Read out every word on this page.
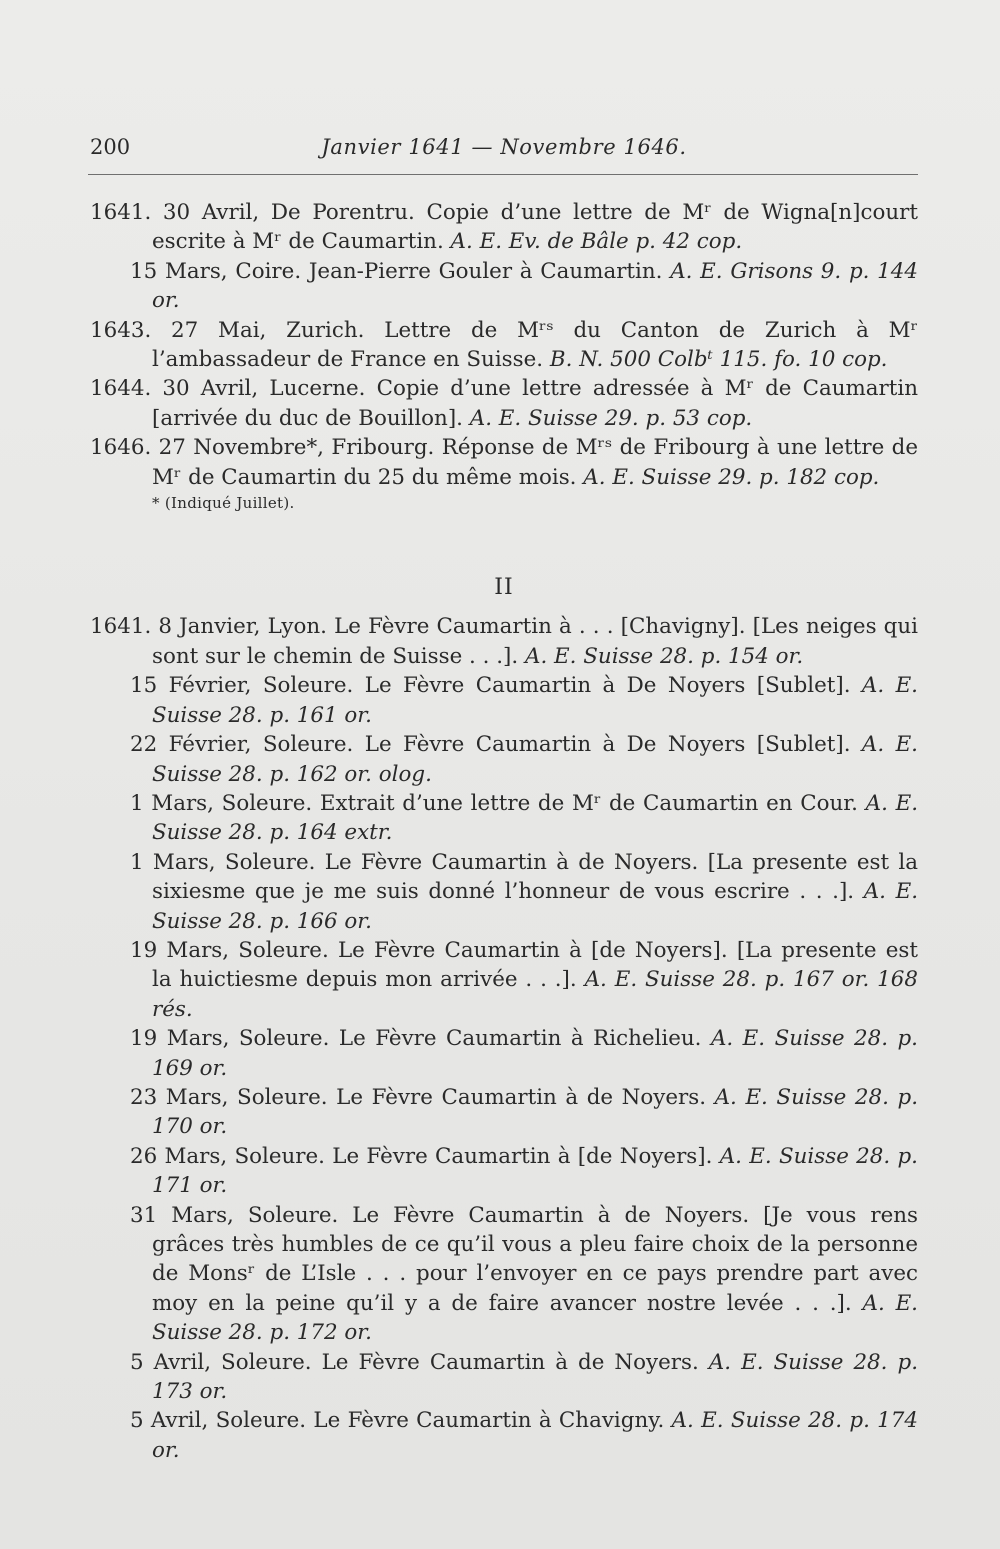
200	Janvier 1641 — Novembre 1646.
1641. 30 Avril, De Porentru. Copie d’une lettre de Mʳ de Wigna[n]court escrite à Mʳ de Caumartin. A. E. Ev. de Bâle p. 42 cop.
15 Mars, Coire. Jean-Pierre Gouler à Caumartin. A. E. Grisons 9. p. 144 or.
1643. 27 Mai, Zurich. Lettre de Mʳˢ du Canton de Zurich à Mʳ l’ambassadeur de France en Suisse. B. N. 500 Colbᵗ 115. fo. 10 cop.
1644. 30 Avril, Lucerne. Copie d’une lettre adressée à Mʳ de Caumartin [arrivée du duc de Bouillon]. A. E. Suisse 29. p. 53 cop.
1646. 27 Novembre*, Fribourg. Réponse de Mʳˢ de Fribourg à une lettre de Mʳ de Caumartin du 25 du même mois. A. E. Suisse 29. p. 182 cop.
* (Indiqué Juillet).
II
1641. 8 Janvier, Lyon. Le Fèvre Caumartin à . . . [Chavigny]. [Les neiges qui sont sur le chemin de Suisse . . .]. A. E. Suisse 28. p. 154 or.
15 Février, Soleure. Le Fèvre Caumartin à De Noyers [Sublet]. A. E. Suisse 28. p. 161 or.
22 Février, Soleure. Le Fèvre Caumartin à De Noyers [Sublet]. A. E. Suisse 28. p. 162 or. olog.
1 Mars, Soleure. Extrait d’une lettre de Mʳ de Caumartin en Cour. A. E. Suisse 28. p. 164 extr.
1 Mars, Soleure. Le Fèvre Caumartin à de Noyers. [La presente est la sixiesme que je me suis donné l’honneur de vous escrire . . .]. A. E. Suisse 28. p. 166 or.
19 Mars, Soleure. Le Fèvre Caumartin à [de Noyers]. [La presente est la huictiesme depuis mon arrivée . . .]. A. E. Suisse 28. p. 167 or. 168 rés.
19 Mars, Soleure. Le Fèvre Caumartin à Richelieu. A. E. Suisse 28. p. 169 or.
23 Mars, Soleure. Le Fèvre Caumartin à de Noyers. A. E. Suisse 28. p. 170 or.
26 Mars, Soleure. Le Fèvre Caumartin à [de Noyers]. A. E. Suisse 28. p. 171 or.
31 Mars, Soleure. Le Fèvre Caumartin à de Noyers. [Je vous rens grâces très humbles de ce qu’il vous a pleu faire choix de la personne de Monsʳ de L’Isle . . . pour l’envoyer en ce pays prendre part avec moy en la peine qu’il y a de faire avancer nostre levée . . .]. A. E. Suisse 28. p. 172 or.
5 Avril, Soleure. Le Fèvre Caumartin à de Noyers. A. E. Suisse 28. p. 173 or.
5 Avril, Soleure. Le Fèvre Caumartin à Chavigny. A. E. Suisse 28. p. 174 or.
